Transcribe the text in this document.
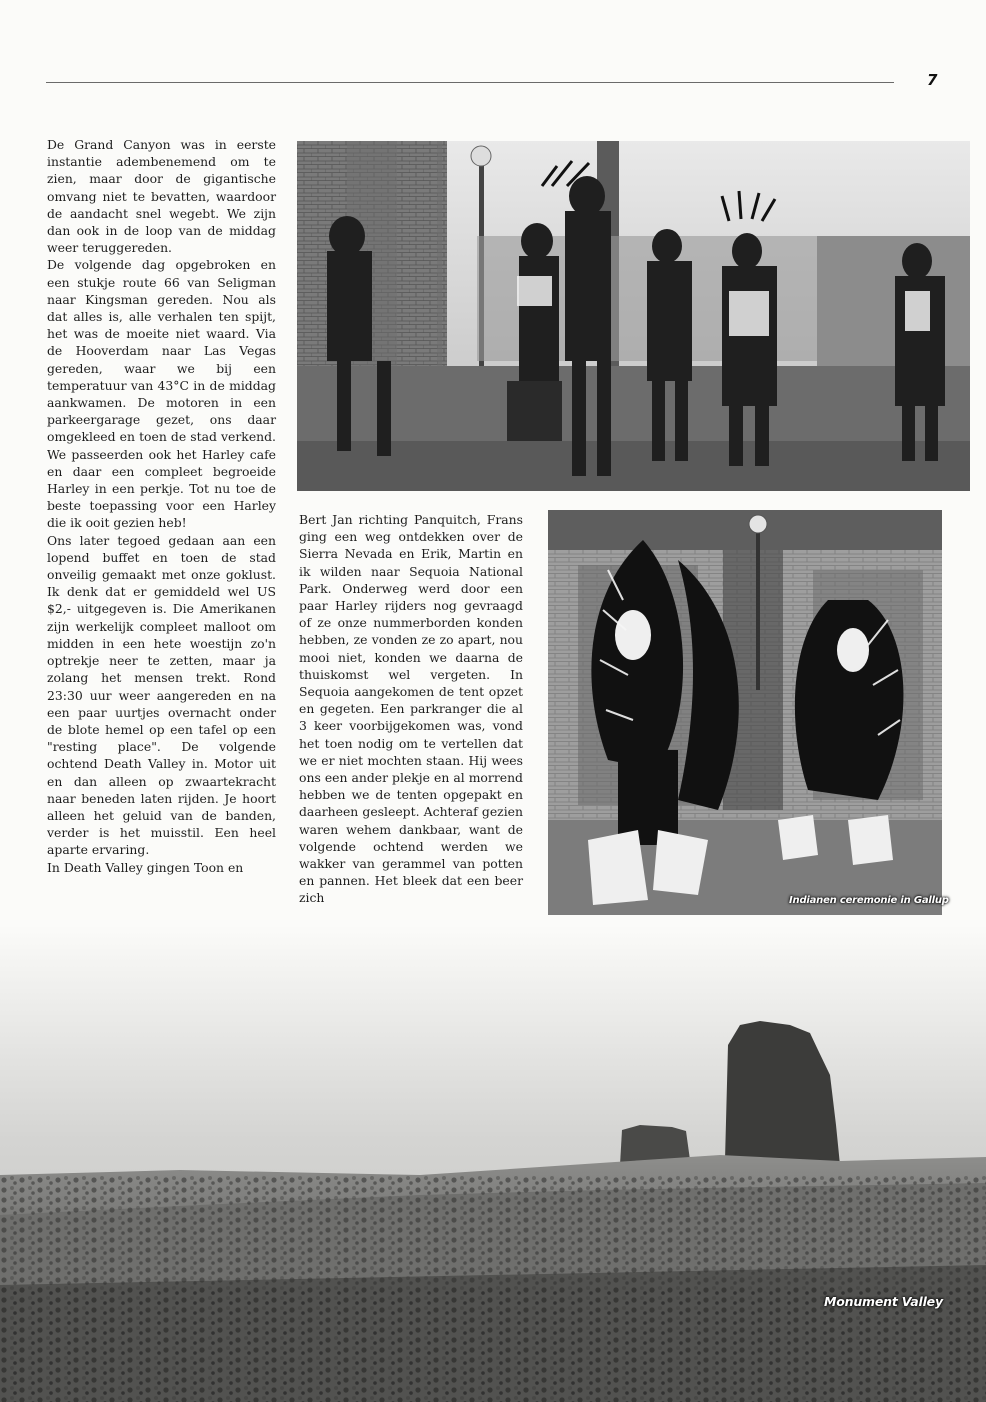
7

De Grand Canyon was in eerste instantie adembenemend om te zien, maar door de gigantische omvang niet te bevatten, waardoor de aandacht snel wegebt. We zijn dan ook in de loop van de middag weer teruggereden.
De volgende dag opgebroken en een stukje route 66 van Seligman naar Kingsman gereden. Nou als dat alles is, alle verhalen ten spijt, het was de moeite niet waard. Via de Hooverdam naar Las Vegas gereden, waar we bij een temperatuur van 43°C in de middag aankwamen. De motoren in een parkeergarage gezet, ons daar omgekleed en toen de stad verkend. We passeerden ook het Harley cafe en daar een compleet begroeide Harley in een perkje. Tot nu toe de beste toepassing voor een Harley die ik ooit gezien heb!
Ons later tegoed gedaan aan een lopend buffet en toen de stad onveilig gemaakt met onze goklust. Ik denk dat er gemiddeld wel US $2,- uitgegeven is. Die Amerikanen zijn werkelijk compleet malloot om midden in een hete woestijn zo'n optrekje neer te zetten, maar ja zolang het mensen trekt. Rond 23:30 uur weer aangereden en na een paar uurtjes overnacht onder de blote hemel op een tafel op een "resting place". De volgende ochtend Death Valley in. Motor uit en dan alleen op zwaartekracht naar beneden laten rijden. Je hoort alleen het geluid van de banden, verder is het muisstil. Een heel aparte ervaring.
In Death Valley gingen Toon en

Bert Jan richting Panquitch, Frans ging een weg ontdekken over de Sierra Nevada en Erik, Martin en ik wilden naar Sequoia National Park. Onderweg werd door een paar Harley rijders nog gevraagd of ze onze nummerborden konden hebben, ze vonden ze zo apart, nou mooi niet, konden we daarna de thuiskomst wel vergeten. In Sequoia aangekomen de tent opzet en gegeten. Een parkranger die al 3 keer voorbijgekomen was, vond het toen nodig om te vertellen dat we er niet mochten staan. Hij wees ons een ander plekje en al morrend hebben we de tenten opgepakt en daarheen gesleept. Achteraf gezien waren wehem dankbaar, want de volgende ochtend werden we wakker van gerammel van potten en pannen. Het bleek dat een beer zich	Indianen ceremonie in Gallup
Monument Valley
